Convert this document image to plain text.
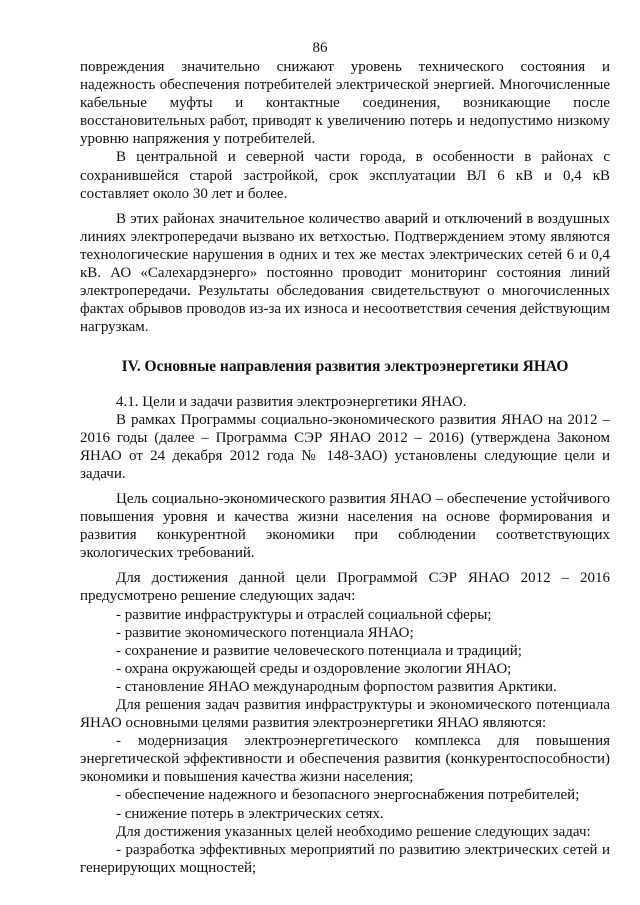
86

повреждения значительно снижают уровень технического состояния и надежность обеспечения потребителей электрической энергией. Многочисленные кабельные муфты и контактные соединения, возникающие после восстановительных работ, приводят к увеличению потерь и недопустимо низкому уровню напряжения у потребителей.

В центральной и северной части города, в особенности в районах с сохранившейся старой застройкой, срок эксплуатации ВЛ 6 кВ и 0,4 кВ составляет около 30 лет и более.

В этих районах значительное количество аварий и отключений в воздушных линиях электропередачи вызвано их ветхостью. Подтверждением этому являются технологические нарушения в одних и тех же местах электрических сетей 6 и 0,4 кВ. АО «Салехардэнерго» постоянно проводит мониторинг состояния линий электропередачи. Результаты обследования свидетельствуют о многочисленных фактах обрывов проводов из-за их износа и несоответствия сечения действующим нагрузкам.

IV. Основные направления развития электроэнергетики ЯНАО

4.1. Цели и задачи развития электроэнергетики ЯНАО.

В рамках Программы социально-экономического развития ЯНАО на 2012 – 2016 годы (далее – Программа СЭР ЯНАО 2012 – 2016) (утверждена Законом ЯНАО от 24 декабря 2012 года № 148-ЗАО) установлены следующие цели и задачи.

Цель социально-экономического развития ЯНАО – обеспечение устойчивого повышения уровня и качества жизни населения на основе формирования и развития конкурентной экономики при соблюдении соответствующих экологических требований.

Для достижения данной цели Программой СЭР ЯНАО 2012 – 2016 предусмотрено решение следующих задач:

- развитие инфраструктуры и отраслей социальной сферы;

- развитие экономического потенциала ЯНАО;

- сохранение и развитие человеческого потенциала и традиций;

- охрана окружающей среды и оздоровление экологии ЯНАО;

- становление ЯНАО международным форпостом развития Арктики.

Для решения задач развития инфраструктуры и экономического потенциала ЯНАО основными целями развития электроэнергетики ЯНАО являются:

- модернизация электроэнергетического комплекса для повышения энергетической эффективности и обеспечения развития (конкурентоспособности) экономики и повышения качества жизни населения;

- обеспечение надежного и безопасного энергоснабжения потребителей;

- снижение потерь в электрических сетях.

Для достижения указанных целей необходимо решение следующих задач:

- разработка эффективных мероприятий по развитию электрических сетей и генерирующих мощностей;
